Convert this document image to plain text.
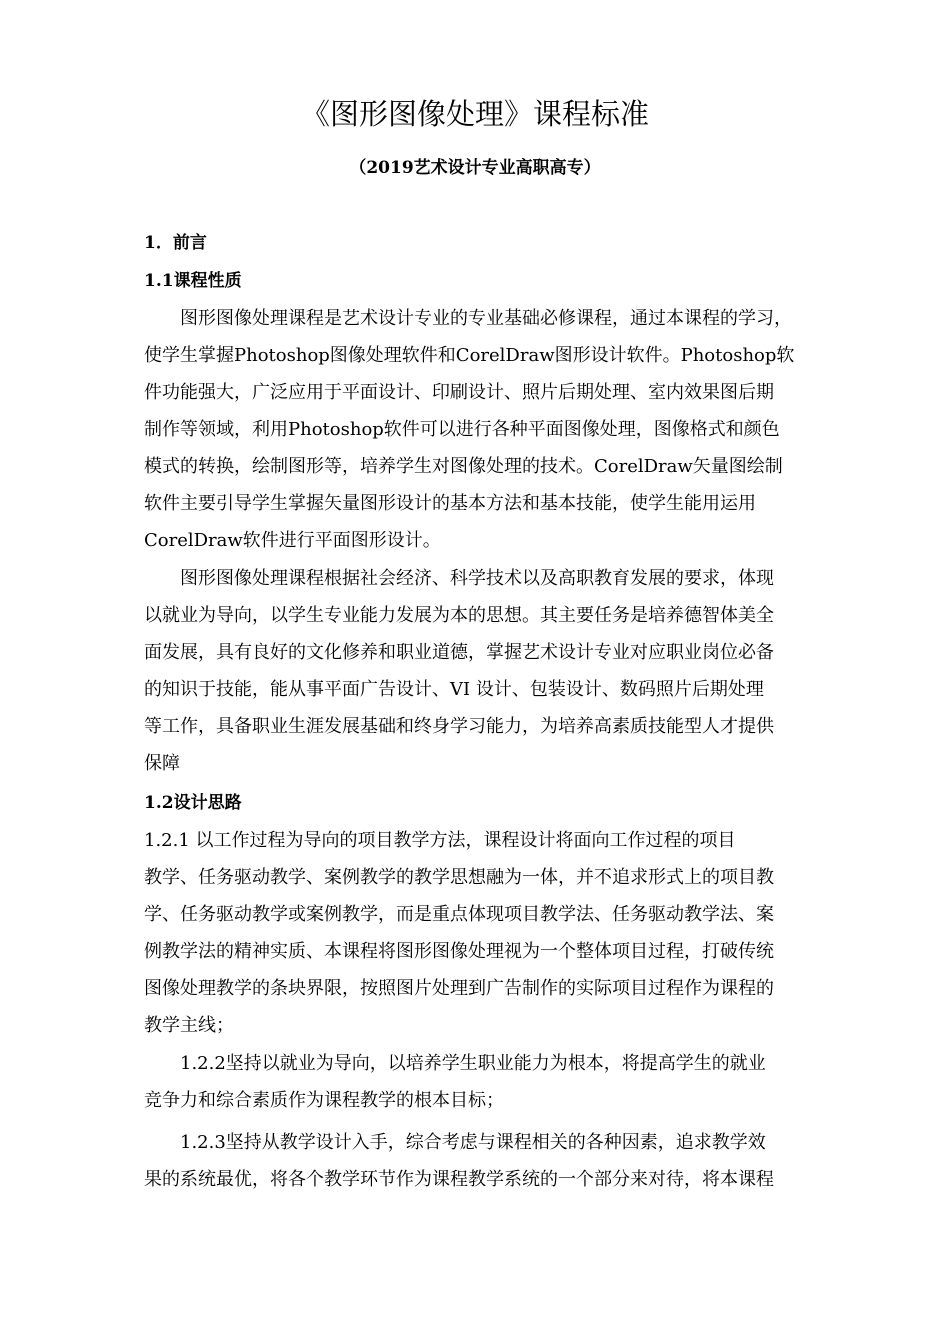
《图形图像处理》课程标准
（2019艺术设计专业高职高专）
1．前言
1.1课程性质
　　图形图像处理课程是艺术设计专业的专业基础必修课程，通过本课程的学习，
使学生掌握Photoshop图像处理软件和CorelDraw图形设计软件。Photoshop软
件功能强大，广泛应用于平面设计、印刷设计、照片后期处理、室内效果图后期
制作等领域，利用Photoshop软件可以进行各种平面图像处理，图像格式和颜色
模式的转换，绘制图形等，培养学生对图像处理的技术。CorelDraw矢量图绘制
软件主要引导学生掌握矢量图形设计的基本方法和基本技能，使学生能用运用
CorelDraw软件进行平面图形设计。
　　图形图像处理课程根据社会经济、科学技术以及高职教育发展的要求，体现
以就业为导向，以学生专业能力发展为本的思想。其主要任务是培养德智体美全
面发展，具有良好的文化修养和职业道德，掌握艺术设计专业对应职业岗位必备
的知识于技能，能从事平面广告设计、VI 设计、包装设计、数码照片后期处理
等工作，具备职业生涯发展基础和终身学习能力，为培养高素质技能型人才提供
保障
1.2设计思路
1.2.1 以工作过程为导向的项目教学方法，课程设计将面向工作过程的项目
教学、任务驱动教学、案例教学的教学思想融为一体，并不追求形式上的项目教
学、任务驱动教学或案例教学，而是重点体现项目教学法、任务驱动教学法、案
例教学法的精神实质、本课程将图形图像处理视为一个整体项目过程，打破传统
图像处理教学的条块界限，按照图片处理到广告制作的实际项目过程作为课程的
教学主线；
　　1.2.2坚持以就业为导向，以培养学生职业能力为根本，将提高学生的就业
竞争力和综合素质作为课程教学的根本目标；
　　1.2.3坚持从教学设计入手，综合考虑与课程相关的各种因素，追求教学效
果的系统最优，将各个教学环节作为课程教学系统的一个部分来对待，将本课程
